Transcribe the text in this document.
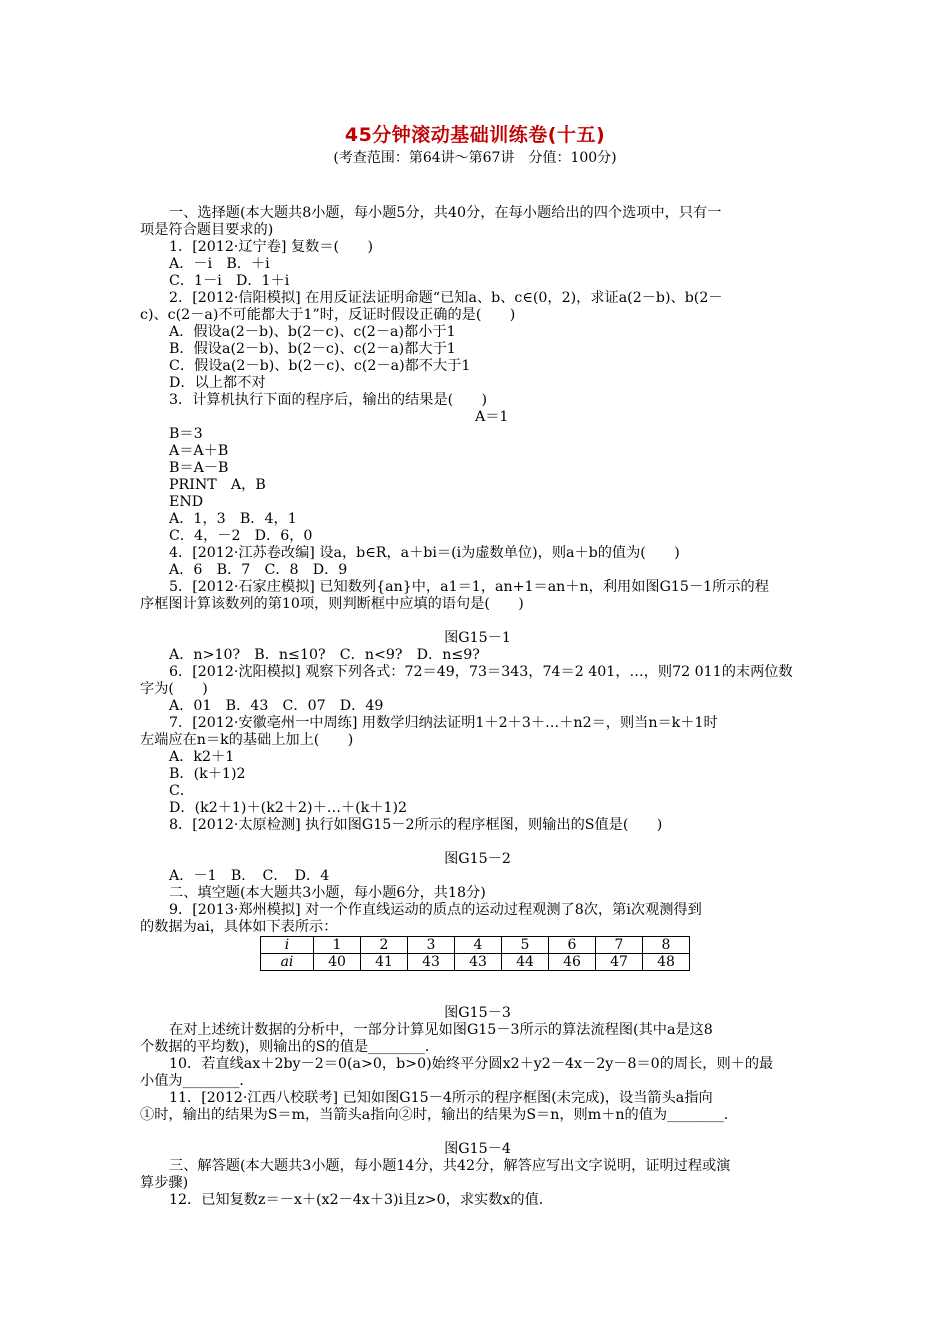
45分钟滚动基础训练卷(十五)
(考查范围：第64讲～第67讲　分值：100分)
一、选择题(本大题共8小题，每小题5分，共40分，在每小题给出的四个选项中，只有一
项是符合题目要求的)
1．[2012·辽宁卷] 复数＝(　　)
A．－i　B．＋i
C．1－i　D．1＋i
2．[2012·信阳模拟] 在用反证法证明命题“已知a、b、c∈(0，2)，求证a(2－b)、b(2－
c)、c(2－a)不可能都大于1”时，反证时假设正确的是(　　)
A．假设a(2－b)、b(2－c)、c(2－a)都小于1
B．假设a(2－b)、b(2－c)、c(2－a)都大于1
C．假设a(2－b)、b(2－c)、c(2－a)都不大于1
D．以上都不对
3．计算机执行下面的程序后，输出的结果是(　　)
A＝1
B＝3
A＝A＋B
B＝A－B
PRINT　A，B
END
A．1，3　B．4，1
C．4，－2　D．6，0
4．[2012·江苏卷改编] 设a，b∈R，a＋bi＝(i为虚数单位)，则a＋b的值为(　　)
A．6　B．7　C．8　D．9
5．[2012·石家庄模拟] 已知数列{an}中，a1＝1，an+1＝an＋n，利用如图G15－1所示的程
序框图计算该数列的第10项，则判断框中应填的语句是(　　)
图G15－1
A．n>10?　B．n≤10?　C．n<9?　D．n≤9?
6．[2012·沈阳模拟] 观察下列各式：72＝49，73＝343，74＝2 401，…，则72 011的末两位数
字为(　　)
A．01　B．43　C．07　D．49
7．[2012·安徽亳州一中周练] 用数学归纳法证明1＋2＋3＋…＋n2＝，则当n＝k＋1时
左端应在n＝k的基础上加上(　　)
A．k2＋1
B．(k＋1)2
C．
D．(k2＋1)＋(k2＋2)＋…＋(k＋1)2
8．[2012·太原检测] 执行如图G15－2所示的程序框图，则输出的S值是(　　)
图G15－2
A．－1　B．　C．　D．4
二、填空题(本大题共3小题，每小题6分，共18分)
9．[2013·郑州模拟] 对一个作直线运动的质点的运动过程观测了8次，第i次观测得到
的数据为ai，具体如下表所示：
i	1	2	3	4	5	6	7	8
ai	40	41	43	43	44	46	47	48
图G15－3
在对上述统计数据的分析中，一部分计算见如图G15－3所示的算法流程图(其中a是这8
个数据的平均数)，则输出的S的值是________．
10．若直线ax＋2by－2＝0(a>0，b>0)始终平分圆x2＋y2－4x－2y－8＝0的周长，则＋的最
小值为________．
11．[2012·江西八校联考] 已知如图G15－4所示的程序框图(未完成)，设当箭头a指向
①时，输出的结果为S＝m，当箭头a指向②时，输出的结果为S＝n，则m＋n的值为________．
图G15－4
三、解答题(本大题共3小题，每小题14分，共42分，解答应写出文字说明，证明过程或演
算步骤)
12．已知复数z＝－x＋(x2－4x＋3)i且z>0，求实数x的值．
